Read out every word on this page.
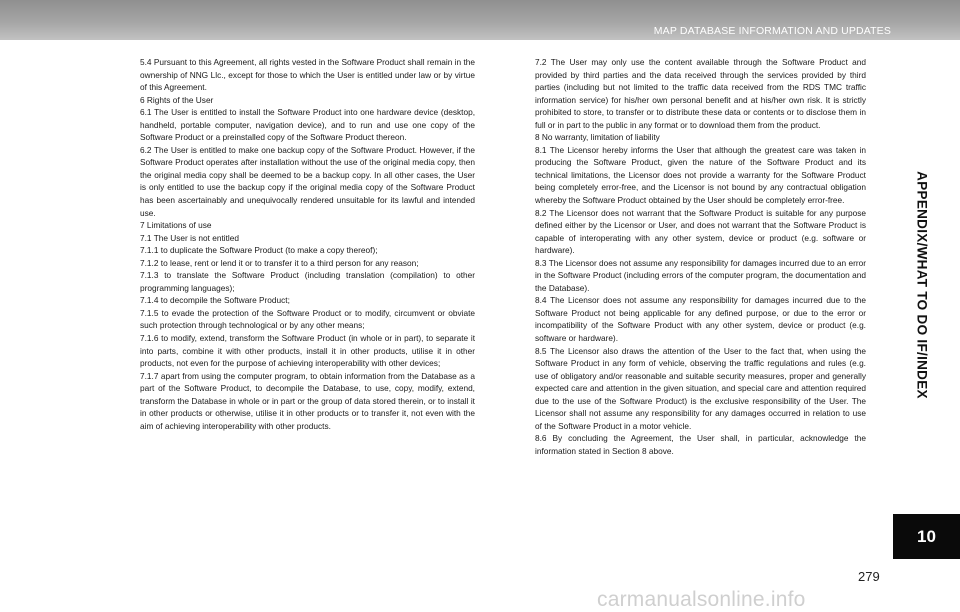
MAP DATABASE INFORMATION AND UPDATES

5.4 Pursuant to this Agreement, all rights vested in the Software Product shall remain in the ownership of NNG Llc., except for those to which the User is entitled under law or by virtue of this Agreement.

6 Rights of the User

6.1 The User is entitled to install the Software Product into one hardware device (desktop, handheld, portable computer, navigation device), and to run and use one copy of the Software Product or a preinstalled copy of the Software Product thereon.

6.2 The User is entitled to make one backup copy of the Software Product. However, if the Software Product operates after installation without the use of the original media copy, then the original media copy shall be deemed to be a backup copy. In all other cases, the User is only entitled to use the backup copy if the original media copy of the Software Product has been ascertainably and unequivocally rendered unsuitable for its lawful and intended use.

7 Limitations of use

7.1 The User is not entitled

7.1.1 to duplicate the Software Product (to make a copy thereof);

7.1.2 to lease, rent or lend it or to transfer it to a third person for any reason;

7.1.3 to translate the Software Product (including translation (compilation) to other programming languages);

7.1.4 to decompile the Software Product;

7.1.5 to evade the protection of the Software Product or to modify, circumvent or obviate such protection through technological or by any other means;

7.1.6 to modify, extend, transform the Software Product (in whole or in part), to separate it into parts, combine it with other products, install it in other products, utilise it in other products, not even for the purpose of achieving interoperability with other devices;

7.1.7 apart from using the computer program, to obtain information from the Database as a part of the Software Product, to decompile the Database, to use, copy, modify, extend, transform the Database in whole or in part or the group of data stored therein, or to install it in other products or otherwise, utilise it in other products or to transfer it, not even with the aim of achieving interoperability with other products.

7.2 The User may only use the content available through the Software Product and provided by third parties and the data received through the services provided by third parties (including but not limited to the traffic data received from the RDS TMC traffic information service) for his/her own personal benefit and at his/her own risk. It is strictly prohibited to store, to transfer or to distribute these data or contents or to disclose them in full or in part to the public in any format or to download them from the product.

8 No warranty, limitation of liability

8.1 The Licensor hereby informs the User that although the greatest care was taken in producing the Software Product, given the nature of the Software Product and its technical limitations, the Licensor does not provide a warranty for the Software Product being completely error-free, and the Licensor is not bound by any contractual obligation whereby the Software Product obtained by the User should be completely error-free.

8.2 The Licensor does not warrant that the Software Product is suitable for any purpose defined either by the Licensor or User, and does not warrant that the Software Product is capable of interoperating with any other system, device or product (e.g. software or hardware).

8.3 The Licensor does not assume any responsibility for damages incurred due to an error in the Software Product (including errors of the computer program, the documentation and the Database).

8.4 The Licensor does not assume any responsibility for damages incurred due to the Software Product not being applicable for any defined purpose, or due to the error or incompatibility of the Software Product with any other system, device or product (e.g. software or hardware).

8.5 The Licensor also draws the attention of the User to the fact that, when using the Software Product in any form of vehicle, observing the traffic regulations and rules (e.g. use of obligatory and/or reasonable and suitable security measures, proper and generally expected care and attention in the given situation, and special care and attention required due to the use of the Software Product) is the exclusive responsibility of the User. The Licensor shall not assume any responsibility for any damages occurred in relation to use of the Software Product in a motor vehicle.

8.6 By concluding the Agreement, the User shall, in particular, acknowledge the information stated in Section 8 above.

APPENDIX/WHAT TO DO IF/INDEX
10
279
carmanualsonline.info
